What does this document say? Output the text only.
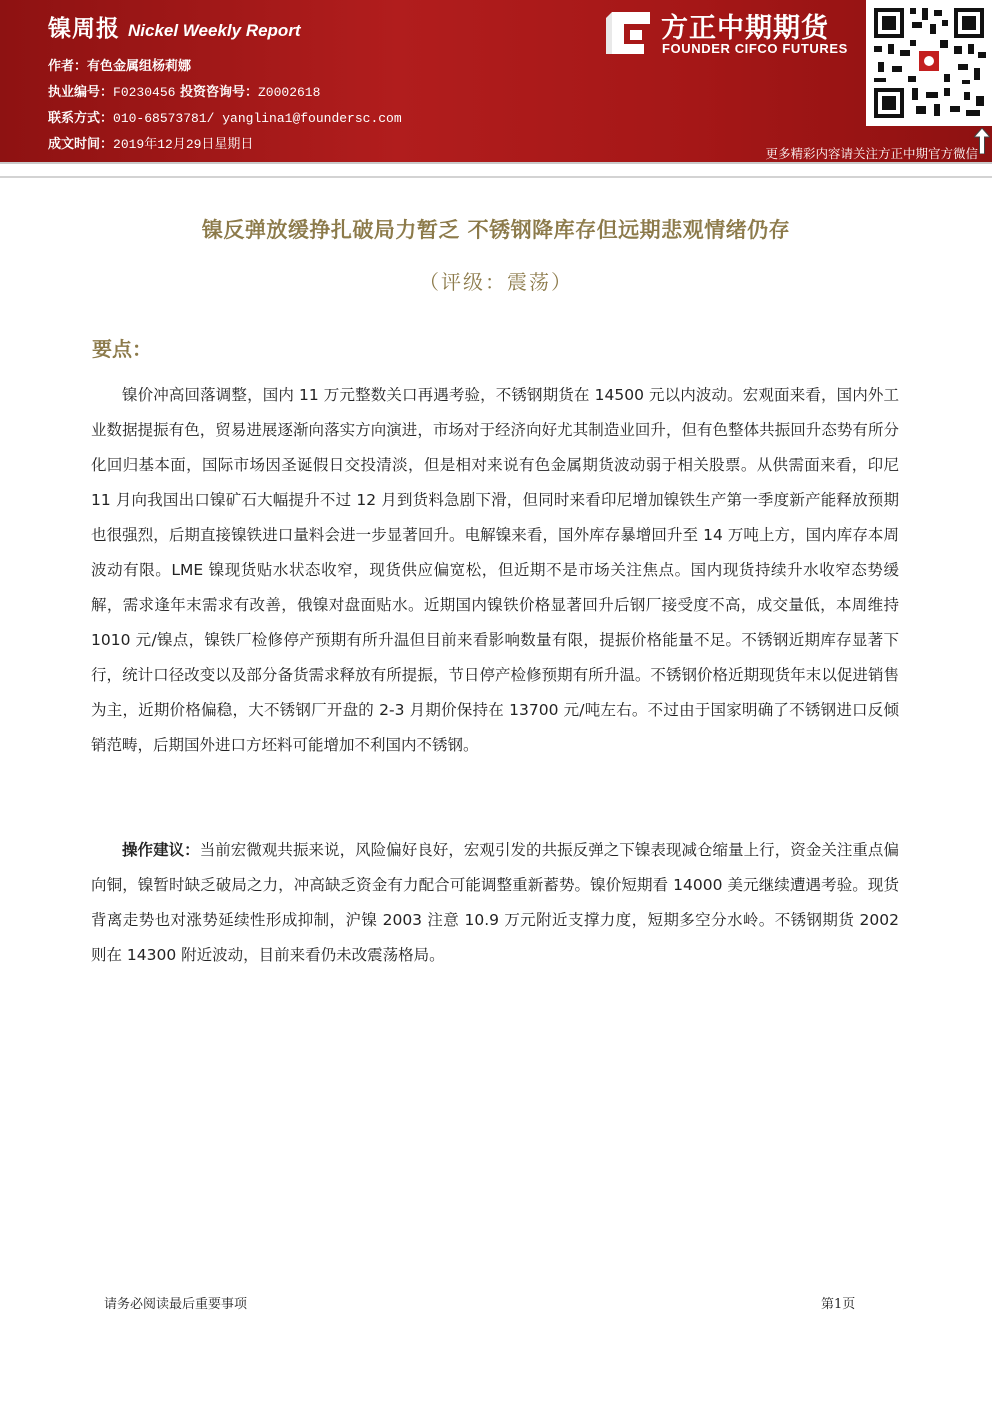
镍周报 Nickel Weekly Report
作者：有色金属组杨莉娜
执业编号：F0230456 投资咨询号：Z0002618
联系方式：010-68573781/ yanglina1@foundersc.com
成文时间：2019年12月29日星期日
方正中期期货
FOUNDER CIFCO FUTURES
更多精彩内容请关注方正中期官方微信
镍反弹放缓挣扎破局力暂乏 不锈钢降库存但远期悲观情绪仍存
（评级：震荡）
要点：

镍价冲高回落调整，国内 11 万元整数关口再遇考验，不锈钢期货在 14500 元以内波动。宏观面来看，国内外工业数据提振有色，贸易进展逐渐向落实方向演进，市场对于经济向好尤其制造业回升，但有色整体共振回升态势有所分化回归基本面，国际市场因圣诞假日交投清淡，但是相对来说有色金属期货波动弱于相关股票。从供需面来看，印尼 11 月向我国出口镍矿石大幅提升不过 12 月到货料急剧下滑，但同时来看印尼增加镍铁生产第一季度新产能释放预期也很强烈，后期直接镍铁进口量料会进一步显著回升。电解镍来看，国外库存暴增回升至 14 万吨上方，国内库存本周波动有限。LME 镍现货贴水状态收窄，现货供应偏宽松，但近期不是市场关注焦点。国内现货持续升水收窄态势缓解，需求逢年末需求有改善，俄镍对盘面贴水。近期国内镍铁价格显著回升后钢厂接受度不高，成交量低，本周维持 1010 元/镍点，镍铁厂检修停产预期有所升温但目前来看影响数量有限，提振价格能量不足。不锈钢近期库存显著下行，统计口径改变以及部分备货需求释放有所提振，节日停产检修预期有所升温。不锈钢价格近期现货年末以促进销售为主，近期价格偏稳，大不锈钢厂开盘的 2-3 月期价保持在 13700 元/吨左右。不过由于国家明确了不锈钢进口反倾销范畴，后期国外进口方坯料可能增加不利国内不锈钢。

操作建议：当前宏微观共振来说，风险偏好良好，宏观引发的共振反弹之下镍表现减仓缩量上行，资金关注重点偏向铜，镍暂时缺乏破局之力，冲高缺乏资金有力配合可能调整重新蓄势。镍价短期看 14000 美元继续遭遇考验。现货背离走势也对涨势延续性形成抑制，沪镍 2003 注意 10.9 万元附近支撑力度，短期多空分水岭。不锈钢期货 2002 则在 14300 附近波动，目前来看仍未改震荡格局。

请务必阅读最后重要事项	第1页
